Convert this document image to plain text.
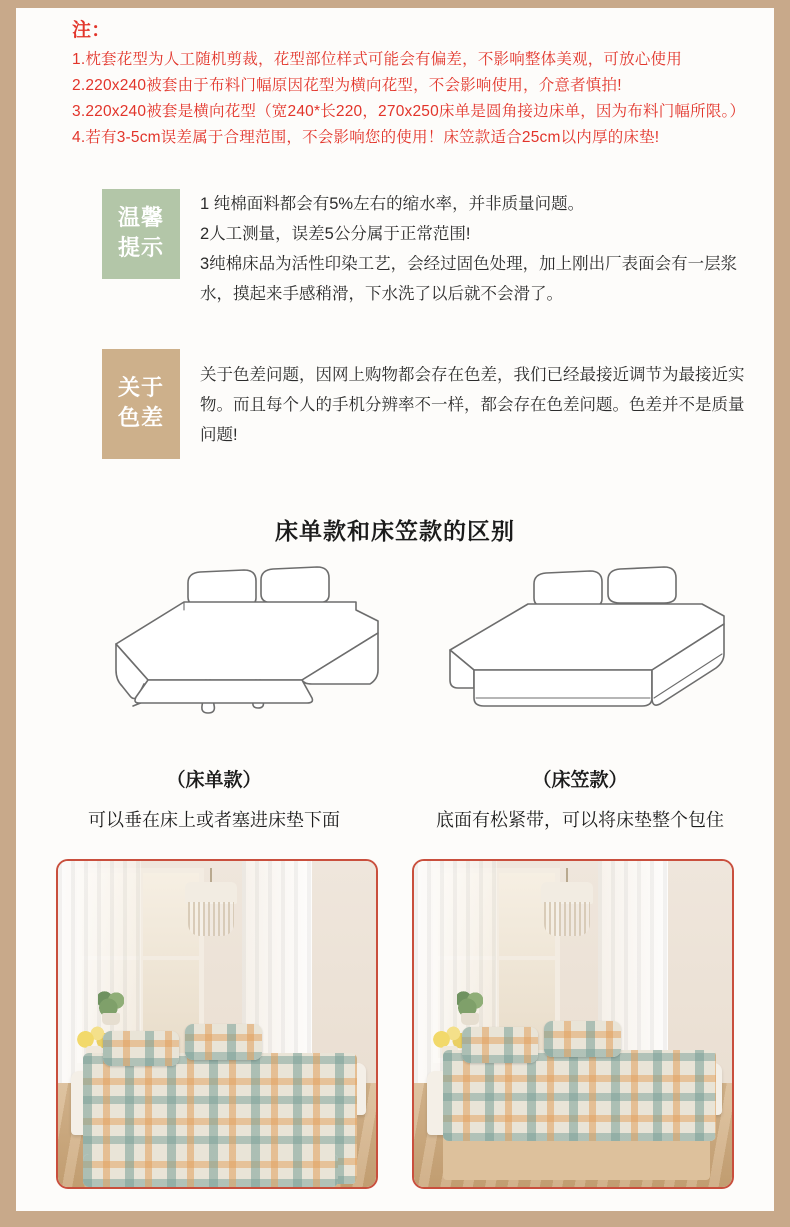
注：
1.枕套花型为人工随机剪裁，花型部位样式可能会有偏差，不影响整体美观，可放心使用
2.220x240被套由于布料门幅原因花型为横向花型，不会影响使用，介意者慎拍!
3.220x240被套是横向花型（宽240*长220，270x250床单是圆角接边床单，因为布料门幅所限。）
4.若有3-5cm误差属于合理范围，不会影响您的使用！床笠款适合25cm以内厚的床垫!
温馨
提示

1 纯棉面料都会有5%左右的缩水率，并非质量问题。

2人工测量，误差5公分属于正常范围!

3纯棉床品为活性印染工艺，会经过固色处理，加上刚出厂表面会有一层浆水，摸起来手感稍滑，下水洗了以后就不会滑了。

关于
色差

关于色差问题，因网上购物都会存在色差，我们已经最接近调节为最接近实物。而且每个人的手机分辨率不一样，都会存在色差问题。色差并不是质量问题!

床单款和床笠款的区别
（床单款）
可以垂在床上或者塞进床垫下面
（床笠款）
底面有松紧带，可以将床垫整个包住
